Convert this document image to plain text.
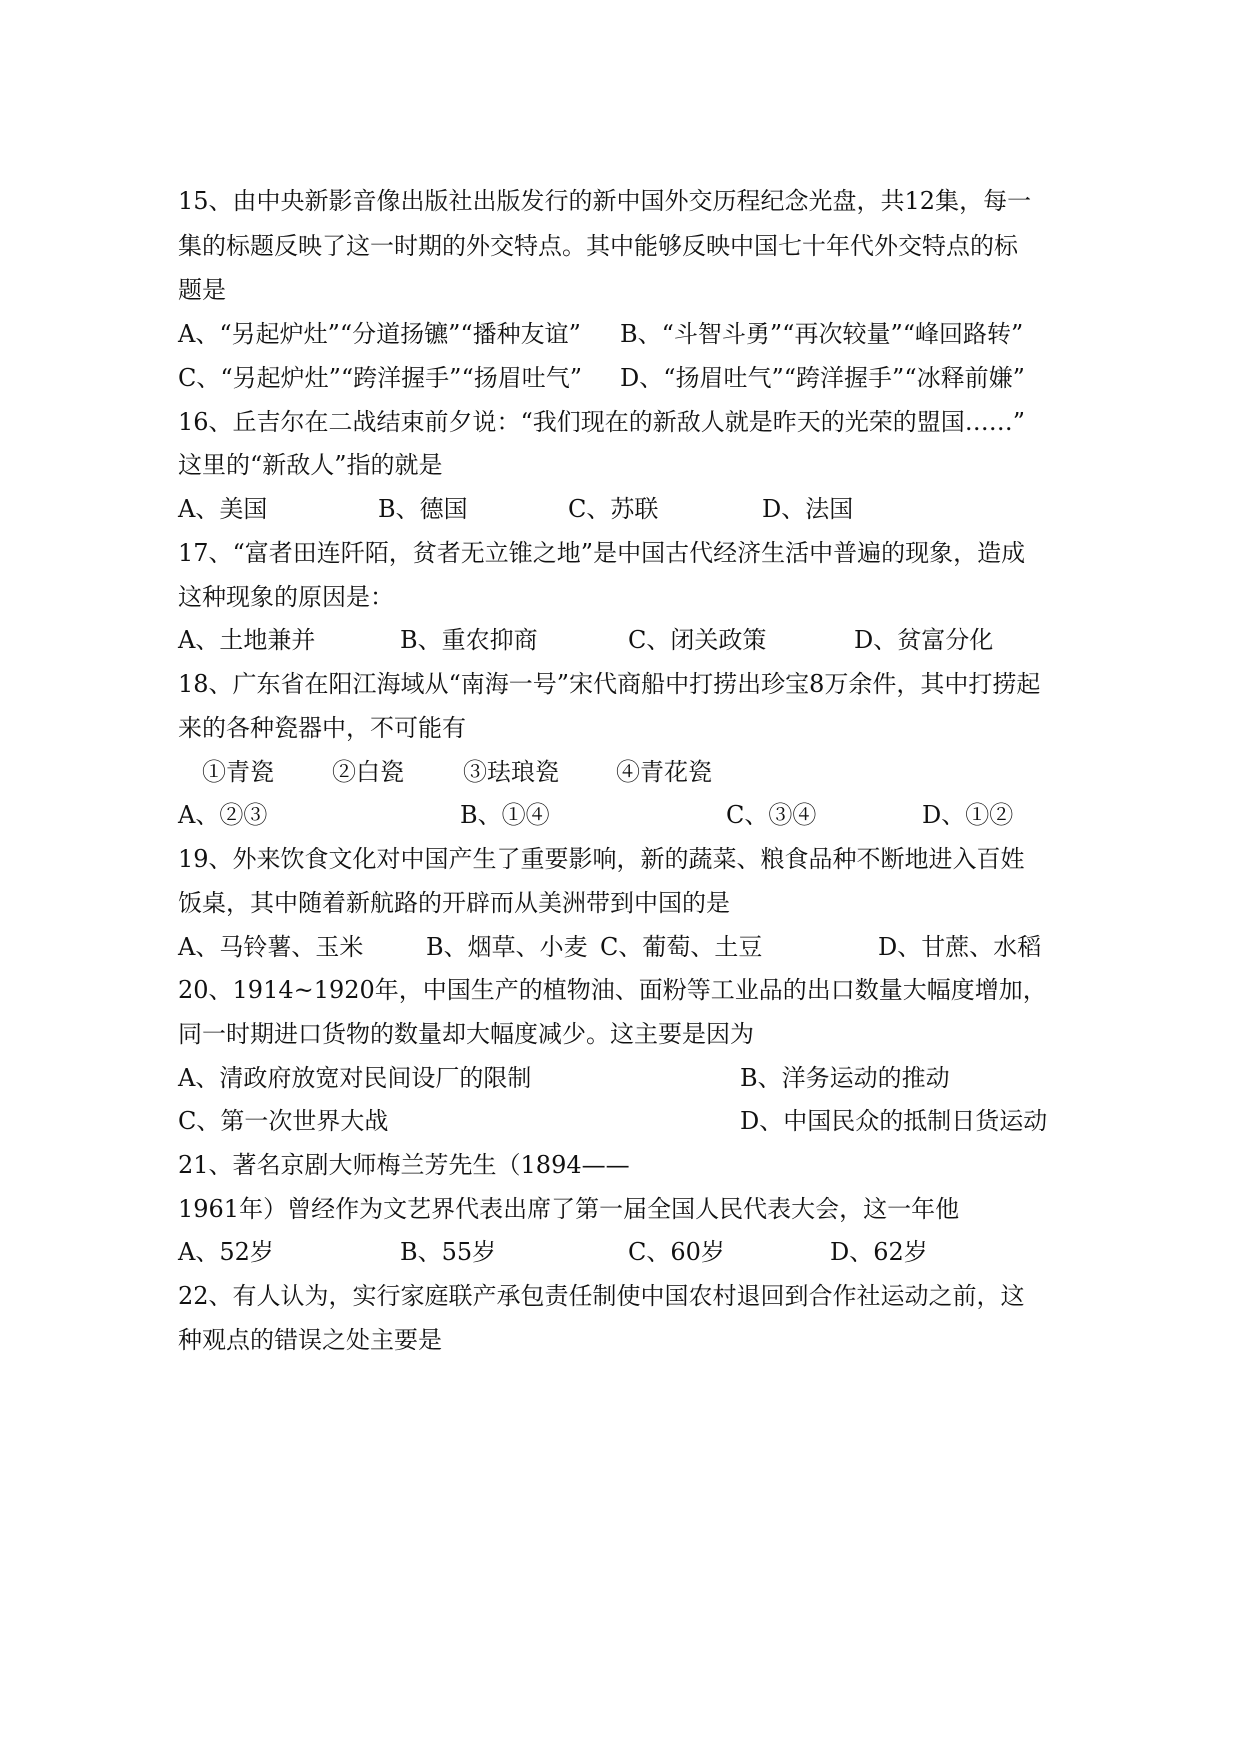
15、由中央新影音像出版社出版发行的新中国外交历程纪念光盘，共12集，每一
集的标题反映了这一时期的外交特点。其中能够反映中国七十年代外交特点的标
题是
A、“另起炉灶”“分道扬镳”“播种友谊” B、“斗智斗勇”“再次较量”“峰回路转”
C、“另起炉灶”“跨洋握手”“扬眉吐气” D、“扬眉吐气”“跨洋握手”“冰释前嫌”
16、丘吉尔在二战结束前夕说：“我们现在的新敌人就是昨天的光荣的盟国……”
这里的“新敌人”指的就是
A、美国	B、德国	C、苏联	D、法国
17、“富者田连阡陌，贫者无立锥之地”是中国古代经济生活中普遍的现象，造成
这种现象的原因是：
A、土地兼并	B、重农抑商	C、闭关政策	D、贫富分化
18、广东省在阳江海域从“南海一号”宋代商船中打捞出珍宝8万余件，其中打捞起
来的各种瓷器中，不可能有
①青瓷 ②白瓷 ③珐琅瓷 ④青花瓷
A、②③	B、①④	C、③④	D、①②
19、外来饮食文化对中国产生了重要影响，新的蔬菜、粮食品种不断地进入百姓
饭桌，其中随着新航路的开辟而从美洲带到中国的是
A、马铃薯、玉米	B、烟草、小麦 C、葡萄、土豆	D、甘蔗、水稻
20、1914~1920年，中国生产的植物油、面粉等工业品的出口数量大幅度增加，
同一时期进口货物的数量却大幅度减少。这主要是因为
A、清政府放宽对民间设厂的限制	B、洋务运动的推动
C、第一次世界大战	D、中国民众的抵制日货运动
21、著名京剧大师梅兰芳先生（1894——
1961年）曾经作为文艺界代表出席了第一届全国人民代表大会，这一年他
A、52岁	B、55岁	C、60岁	D、62岁
22、有人认为，实行家庭联产承包责任制使中国农村退回到合作社运动之前，这
种观点的错误之处主要是
